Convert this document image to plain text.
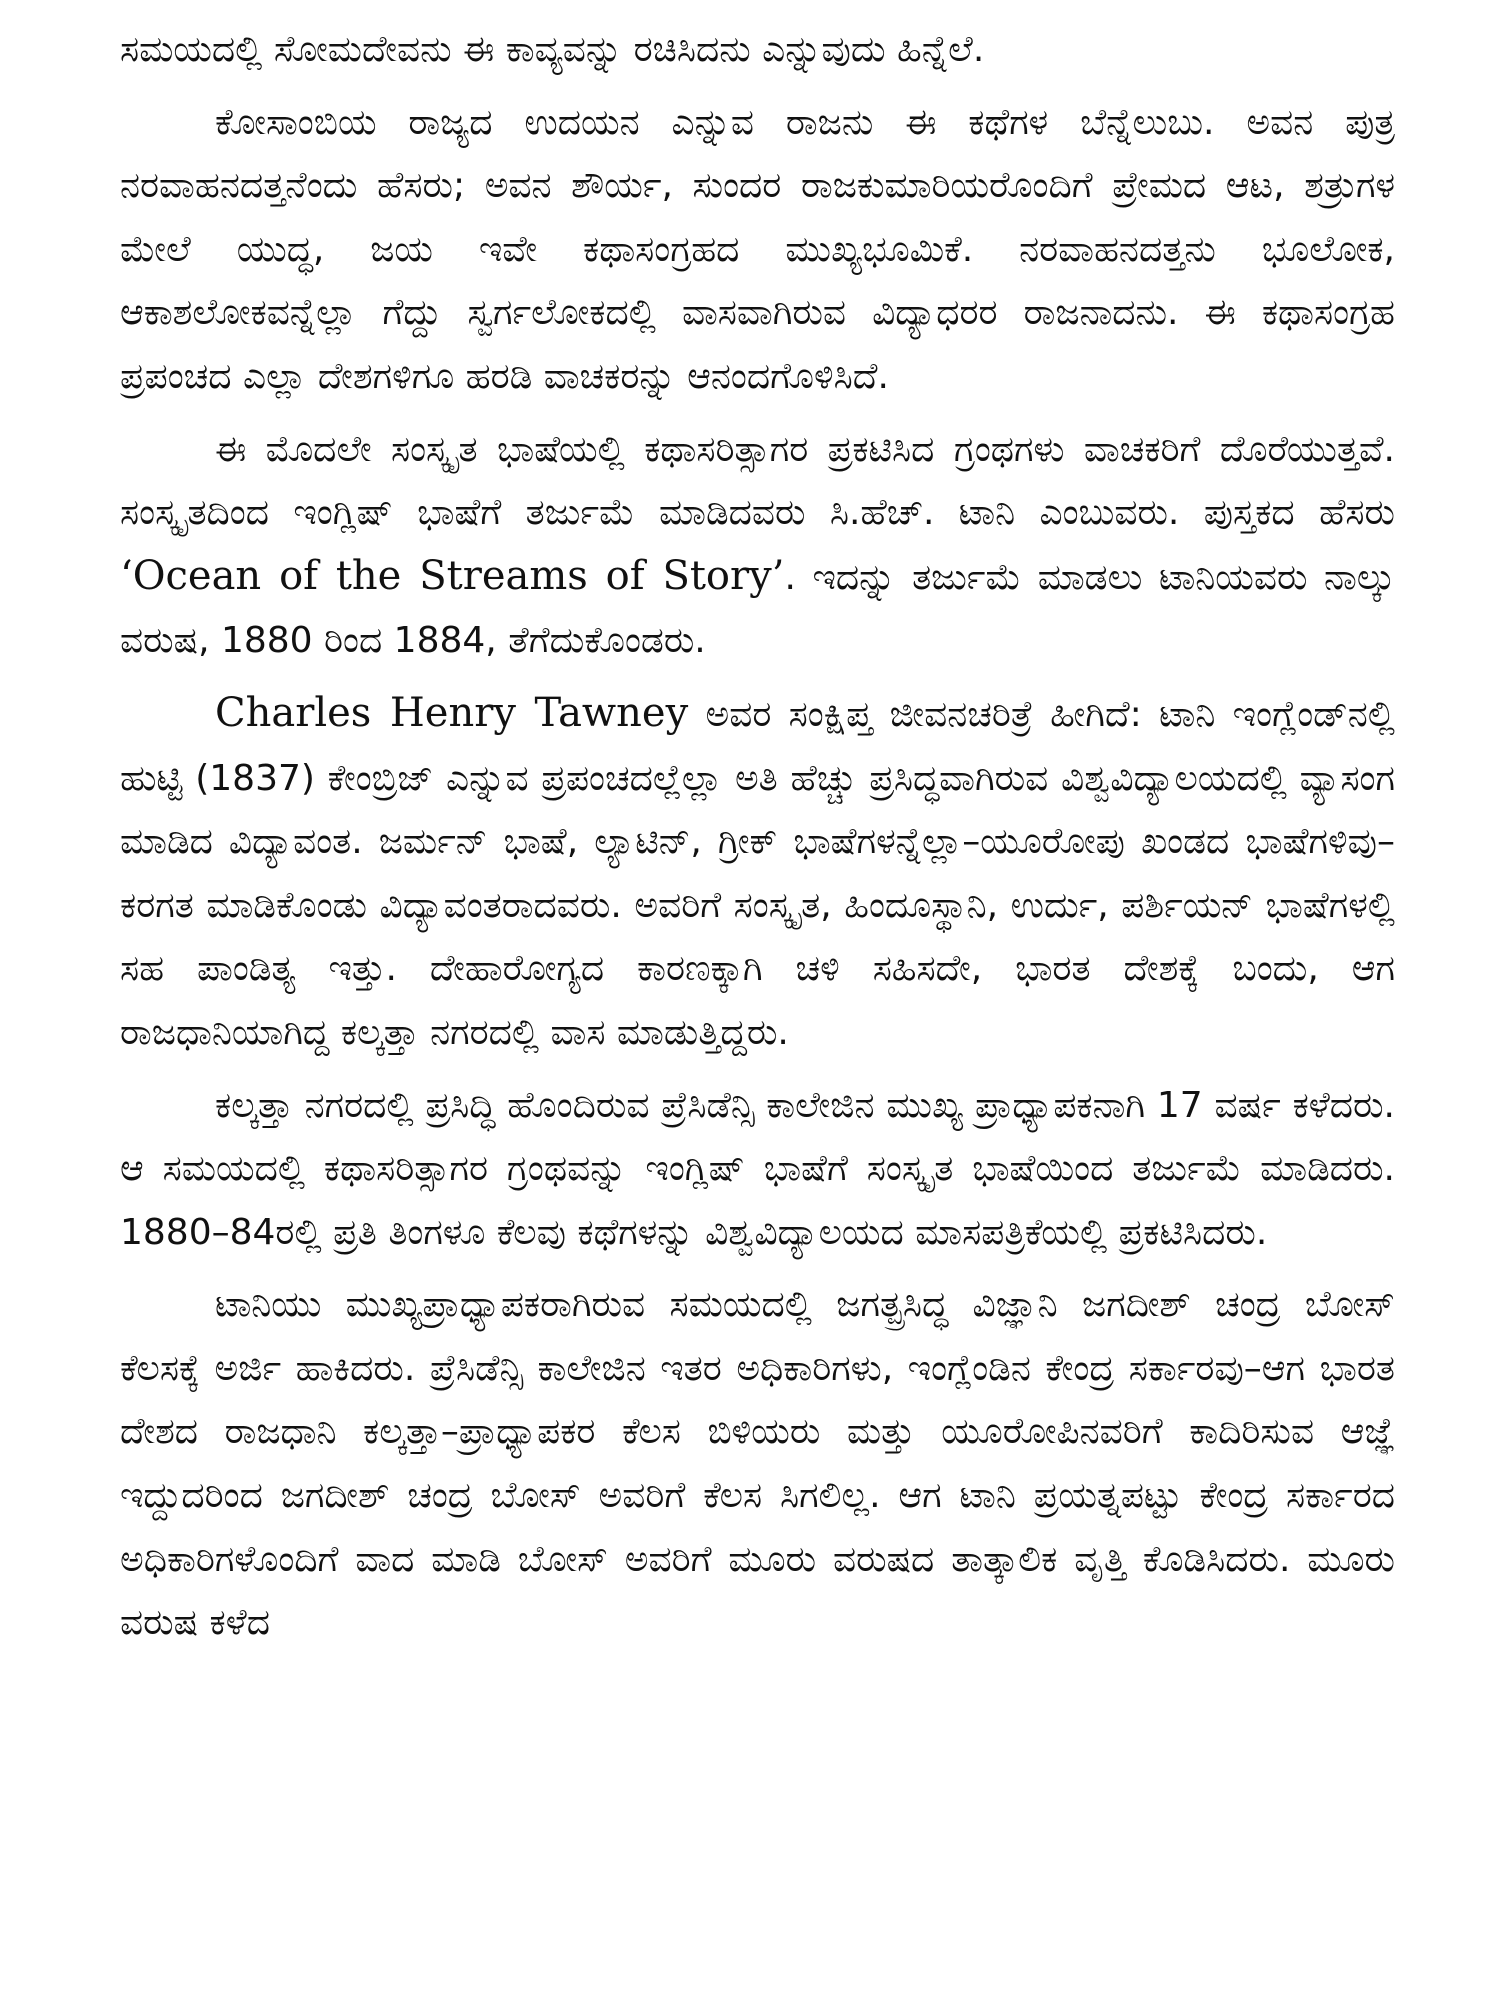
ಸಮಯದಲ್ಲಿ ಸೋಮದೇವನು ಈ ಕಾವ್ಯವನ್ನು ರಚಿಸಿದನು ಎನ್ನುವುದು ಹಿನ್ನೆಲೆ.

ಕೋಸಾಂಬಿಯ ರಾಜ್ಯದ ಉದಯನ ಎನ್ನುವ ರಾಜನು ಈ ಕಥೆಗಳ ಬೆನ್ನೆಲುಬು. ಅವನ ಪುತ್ರ ನರವಾಹನದತ್ತನೆಂದು ಹೆಸರು; ಅವನ ಶೌರ್ಯ, ಸುಂದರ ರಾಜಕುಮಾರಿಯರೊಂದಿಗೆ ಪ್ರೇಮದ ಆಟ, ಶತ್ರುಗಳ ಮೇಲೆ ಯುದ್ಧ, ಜಯ ಇವೇ ಕಥಾಸಂಗ್ರಹದ ಮುಖ್ಯಭೂಮಿಕೆ. ನರವಾಹನದತ್ತನು ಭೂಲೋಕ, ಆಕಾಶಲೋಕವನ್ನೆಲ್ಲಾ ಗೆದ್ದು ಸ್ವರ್ಗಲೋಕದಲ್ಲಿ ವಾಸವಾಗಿರುವ ವಿದ್ಯಾಧರರ ರಾಜನಾದನು. ಈ ಕಥಾಸಂಗ್ರಹ ಪ್ರಪಂಚದ ಎಲ್ಲಾ ದೇಶಗಳಿಗೂ ಹರಡಿ ವಾಚಕರನ್ನು ಆನಂದಗೊಳಿಸಿದೆ.

ಈ ಮೊದಲೇ ಸಂಸ್ಕೃತ ಭಾಷೆಯಲ್ಲಿ ಕಥಾಸರಿತ್ಸಾಗರ ಪ್ರಕಟಿಸಿದ ಗ್ರಂಥಗಳು ವಾಚಕರಿಗೆ ದೊರೆಯುತ್ತವೆ. ಸಂಸ್ಕೃತದಿಂದ ಇಂಗ್ಲಿಷ್ ಭಾಷೆಗೆ ತರ್ಜುಮೆ ಮಾಡಿದವರು ಸಿ.ಹೆಚ್. ಟಾನಿ ಎಂಬುವರು. ಪುಸ್ತಕದ ಹೆಸರು ‘Ocean of the Streams of Story’. ಇದನ್ನು ತರ್ಜುಮೆ ಮಾಡಲು ಟಾನಿಯವರು ನಾಲ್ಕು ವರುಷ, 1880 ರಿಂದ 1884, ತೆಗೆದುಕೊಂಡರು.

Charles Henry Tawney ಅವರ ಸಂಕ್ಷಿಪ್ತ ಜೀವನಚರಿತ್ರೆ ಹೀಗಿದೆ: ಟಾನಿ ಇಂಗ್ಲೆಂಡ್‌ನಲ್ಲಿ ಹುಟ್ಟಿ (1837) ಕೇಂಬ್ರಿಜ್ ಎನ್ನುವ ಪ್ರಪಂಚದಲ್ಲೆಲ್ಲಾ ಅತಿ ಹೆಚ್ಚು ಪ್ರಸಿದ್ಧವಾಗಿರುವ ವಿಶ್ವವಿದ್ಯಾಲಯದಲ್ಲಿ ವ್ಯಾಸಂಗ ಮಾಡಿದ ವಿದ್ಯಾವಂತ. ಜರ್ಮನ್ ಭಾಷೆ, ಲ್ಯಾಟಿನ್, ಗ್ರೀಕ್ ಭಾಷೆಗಳನ್ನೆಲ್ಲಾ–ಯೂರೋಪು ಖಂಡದ ಭಾಷೆಗಳಿವು– ಕರಗತ ಮಾಡಿಕೊಂಡು ವಿದ್ಯಾವಂತರಾದವರು. ಅವರಿಗೆ ಸಂಸ್ಕೃತ, ಹಿಂದೂಸ್ಥಾನಿ, ಉರ್ದು, ಪರ್ಶಿಯನ್ ಭಾಷೆಗಳಲ್ಲಿ ಸಹ ಪಾಂಡಿತ್ಯ ಇತ್ತು. ದೇಹಾರೋಗ್ಯದ ಕಾರಣಕ್ಕಾಗಿ ಚಳಿ ಸಹಿಸದೇ, ಭಾರತ ದೇಶಕ್ಕೆ ಬಂದು, ಆಗ ರಾಜಧಾನಿಯಾಗಿದ್ದ ಕಲ್ಕತ್ತಾ ನಗರದಲ್ಲಿ ವಾಸ ಮಾಡುತ್ತಿದ್ದರು.

ಕಲ್ಕತ್ತಾ ನಗರದಲ್ಲಿ ಪ್ರಸಿದ್ಧಿ ಹೊಂದಿರುವ ಪ್ರೆಸಿಡೆನ್ಸಿ ಕಾಲೇಜಿನ ಮುಖ್ಯ ಪ್ರಾಧ್ಯಾಪಕನಾಗಿ 17 ವರ್ಷ ಕಳೆದರು. ಆ ಸಮಯದಲ್ಲಿ ಕಥಾಸರಿತ್ಸಾಗರ ಗ್ರಂಥವನ್ನು ಇಂಗ್ಲಿಷ್ ಭಾಷೆಗೆ ಸಂಸ್ಕೃತ ಭಾಷೆಯಿಂದ ತರ್ಜುಮೆ ಮಾಡಿದರು. 1880–84ರಲ್ಲಿ ಪ್ರತಿ ತಿಂಗಳೂ ಕೆಲವು ಕಥೆಗಳನ್ನು ವಿಶ್ವವಿದ್ಯಾಲಯದ ಮಾಸಪತ್ರಿಕೆಯಲ್ಲಿ ಪ್ರಕಟಿಸಿದರು.

ಟಾನಿಯು ಮುಖ್ಯಪ್ರಾಧ್ಯಾಪಕರಾಗಿರುವ ಸಮಯದಲ್ಲಿ ಜಗತ್ಪ್ರಸಿದ್ಧ ವಿಜ್ಞಾನಿ ಜಗದೀಶ್ ಚಂದ್ರ ಬೋಸ್ ಕೆಲಸಕ್ಕೆ ಅರ್ಜಿ ಹಾಕಿದರು. ಪ್ರೆಸಿಡೆನ್ಸಿ ಕಾಲೇಜಿನ ಇತರ ಅಧಿಕಾರಿಗಳು, ಇಂಗ್ಲೆಂಡಿನ ಕೇಂದ್ರ ಸರ್ಕಾರವು–ಆಗ ಭಾರತ ದೇಶದ ರಾಜಧಾನಿ ಕಲ್ಕತ್ತಾ–ಪ್ರಾಧ್ಯಾಪಕರ ಕೆಲಸ ಬಿಳಿಯರು ಮತ್ತು ಯೂರೋಪಿನವರಿಗೆ ಕಾದಿರಿಸುವ ಆಜ್ಞೆ ಇದ್ದುದರಿಂದ ಜಗದೀಶ್ ಚಂದ್ರ ಬೋಸ್ ಅವರಿಗೆ ಕೆಲಸ ಸಿಗಲಿಲ್ಲ. ಆಗ ಟಾನಿ ಪ್ರಯತ್ನಪಟ್ಟು ಕೇಂದ್ರ ಸರ್ಕಾರದ ಅಧಿಕಾರಿಗಳೊಂದಿಗೆ ವಾದ ಮಾಡಿ ಬೋಸ್ ಅವರಿಗೆ ಮೂರು ವರುಷದ ತಾತ್ಕಾಲಿಕ ವೃತ್ತಿ ಕೊಡಿಸಿದರು. ಮೂರು ವರುಷ ಕಳೆದ
